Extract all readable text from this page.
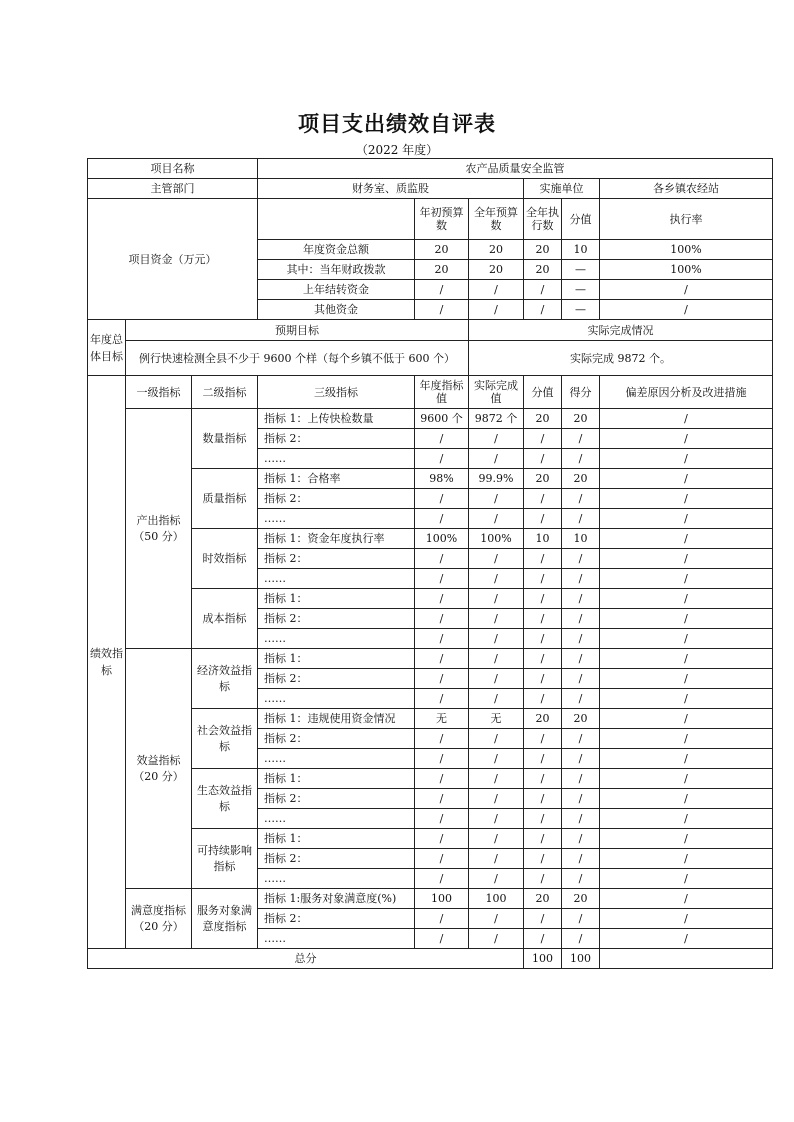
项目支出绩效自评表
（2022 年度）
项目名称			农产品质量安全监管						
主管部门			财务室、质监股			实施单位		各乡镇农经站	
项目资金（万元）				年初预算数	全年预算数	全年执行数	分值	执行率	
			年度资金总额	20	20	20	10	100%	
			其中：当年财政拨款	20	20	20	—	100%	
			上年结转资金	/	/	/	—	/	
			其他资金	/	/	/	—	/	
年度总体目标	预期目标				实际完成情况				
	例行快速检测全县不少于 9600 个样（每个乡镇不低于 600 个）				实际完成 9872 个。				
绩效指标	一级指标	二级指标	三级指标	年度指标值	实际完成值	分值	得分	偏差原因分析及改进措施	
	产出指标（50 分）	数量指标	指标 1：上传快检数量	9600 个	9872 个	20	20	/	
			指标 2：	/	/	/	/	/	
			……	/	/	/	/	/	
		质量指标	指标 1：合格率	98%	99.9%	20	20	/	
			指标 2：	/	/	/	/	/	
			……	/	/	/	/	/	
		时效指标	指标 1：资金年度执行率	100%	100%	10	10	/	
			指标 2：	/	/	/	/	/	
			……	/	/	/	/	/	
		成本指标	指标 1：	/	/	/	/	/	
			指标 2：	/	/	/	/	/	
			……	/	/	/	/	/	
	效益指标（20 分）	经济效益指标	指标 1：	/	/	/	/	/	
			指标 2：	/	/	/	/	/	
			……	/	/	/	/	/	
		社会效益指标	指标 1：违规使用资金情况	无	无	20	20	/	
			指标 2：	/	/	/	/	/	
			……	/	/	/	/	/	
		生态效益指标	指标 1：	/	/	/	/	/	
			指标 2：	/	/	/	/	/	
			……	/	/	/	/	/	
		可持续影响指标	指标 1：	/	/	/	/	/	
			指标 2：	/	/	/	/	/	
			……	/	/	/	/	/	
	满意度指标（20 分）	服务对象满意度指标	指标 1:服务对象满意度(%)	100	100	20	20	/	
			指标 2：	/	/	/	/	/	
			……	/	/	/	/	/	
总分						100	100		
